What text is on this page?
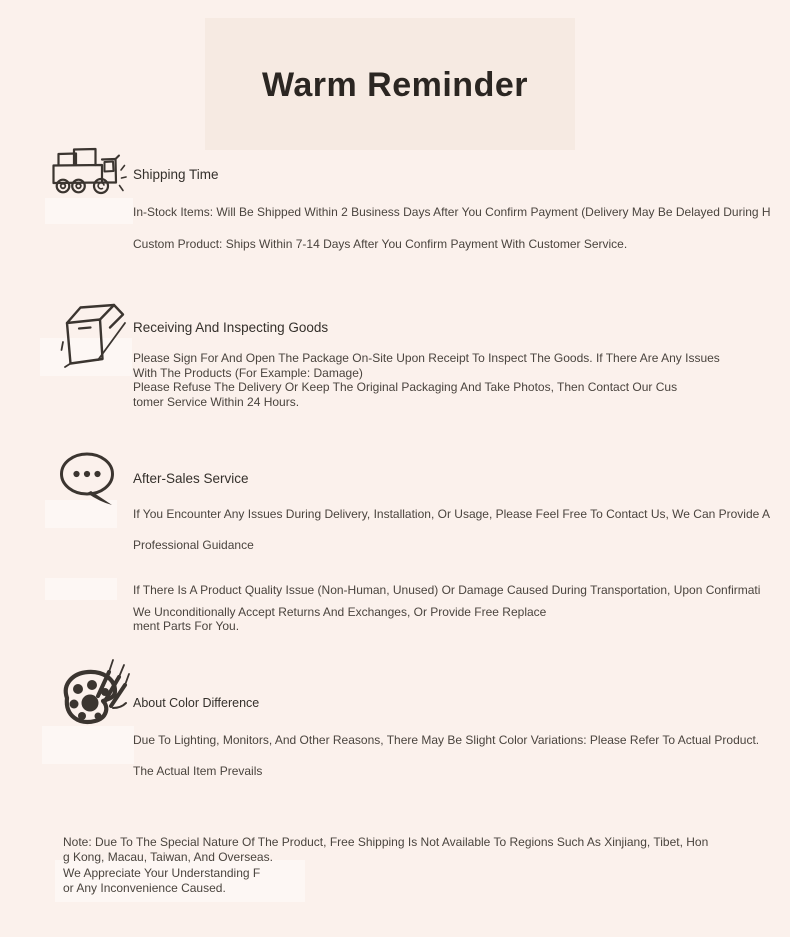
Warm Reminder
Shipping Time
In-Stock Items: Will Be Shipped Within 2 Business Days After You Confirm Payment (Delivery May Be Delayed During H
Custom Product: Ships Within 7-14 Days After You Confirm Payment With Customer Service.
Receiving And Inspecting Goods
Please Sign For And Open The Package On-Site Upon Receipt To Inspect The Goods. If There Are Any Issues
With The Products (For Example: Damage)
Please Refuse The Delivery Or Keep The Original Packaging And Take Photos, Then Contact Our Cus
tomer Service Within 24 Hours.
After-Sales Service
If You Encounter Any Issues During Delivery, Installation, Or Usage, Please Feel Free To Contact Us, We Can Provide A
Professional Guidance
If There Is A Product Quality Issue (Non-Human, Unused) Or Damage Caused During Transportation, Upon Confirmati
We Unconditionally Accept Returns And Exchanges, Or Provide Free Replace
ment Parts For You.
About Color Difference
Due To Lighting, Monitors, And Other Reasons, There May Be Slight Color Variations: Please Refer To Actual Product.
The Actual Item Prevails
Note: Due To The Special Nature Of The Product, Free Shipping Is Not Available To Regions Such As Xinjiang, Tibet, Hon
g Kong, Macau, Taiwan, And Overseas.
We Appreciate Your Understanding F
or Any Inconvenience Caused.
